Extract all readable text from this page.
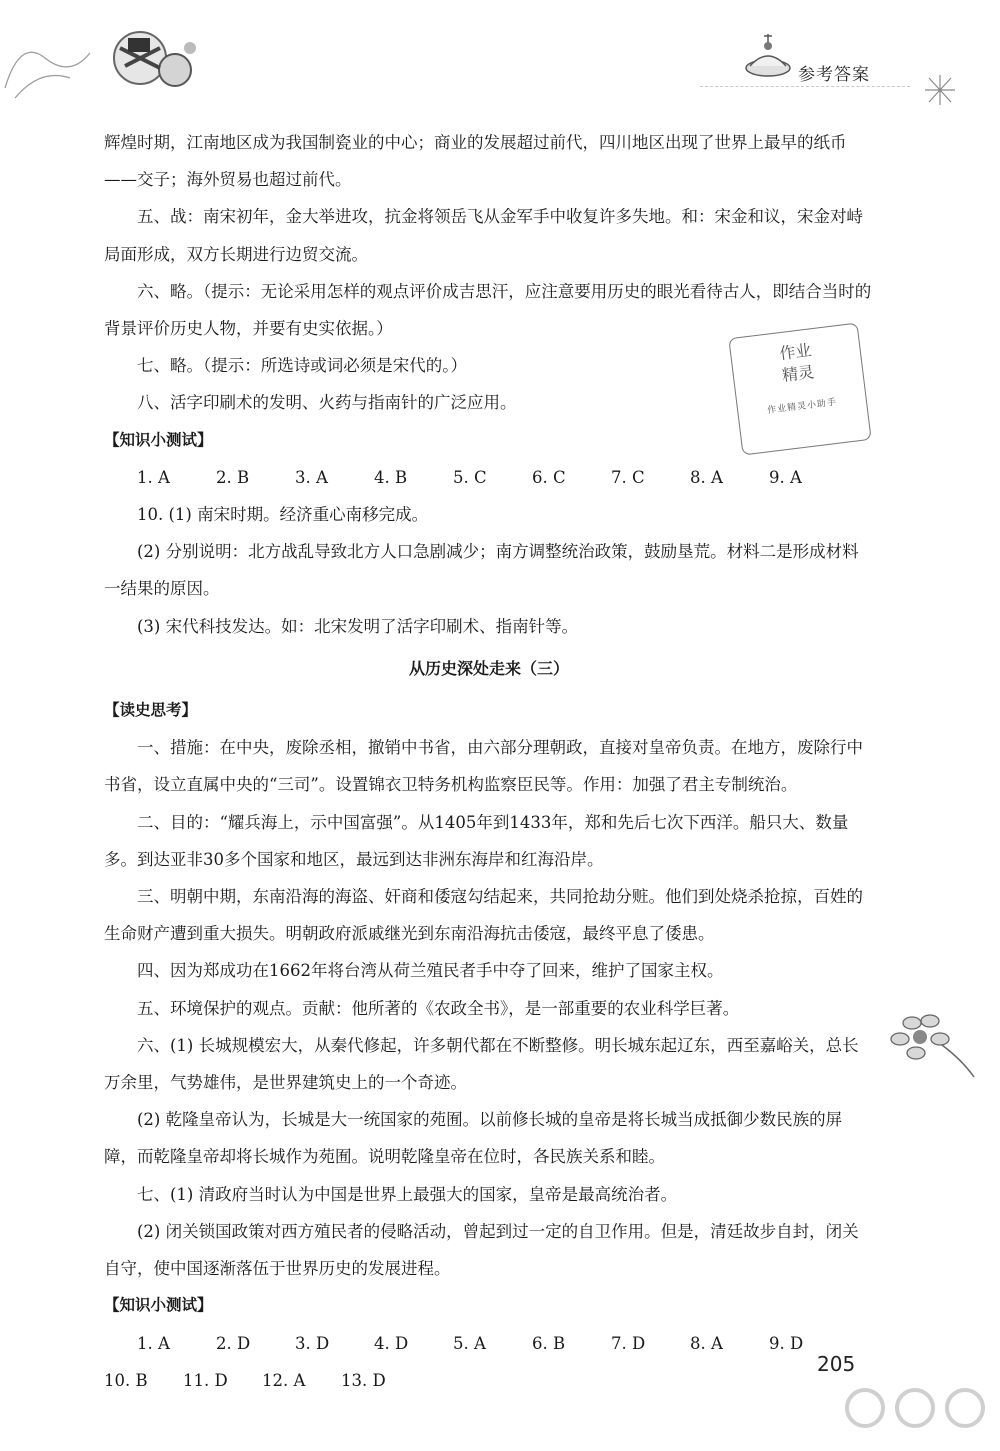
参考答案
作业
精灵
作业精灵小助手

辉煌时期，江南地区成为我国制瓷业的中心；商业的发展超过前代，四川地区出现了世界上最早的纸币——交子；海外贸易也超过前代。

五、战：南宋初年，金大举进攻，抗金将领岳飞从金军手中收复许多失地。和：宋金和议，宋金对峙局面形成，双方长期进行边贸交流。

六、略。（提示：无论采用怎样的观点评价成吉思汗，应注意要用历史的眼光看待古人，即结合当时的背景评价历史人物，并要有史实依据。）

七、略。（提示：所选诗或词必须是宋代的。）

八、活字印刷术的发明、火药与指南针的广泛应用。

【知识小测试】

1. A	2. B	3. A	4. B	5. C	6. C	7. C	8. A	9. A

10. (1) 南宋时期。经济重心南移完成。

(2) 分别说明：北方战乱导致北方人口急剧减少；南方调整统治政策，鼓励垦荒。材料二是形成材料一结果的原因。

(3) 宋代科技发达。如：北宋发明了活字印刷术、指南针等。

从历史深处走来（三）

【读史思考】

一、措施：在中央，废除丞相，撤销中书省，由六部分理朝政，直接对皇帝负责。在地方，废除行中书省，设立直属中央的“三司”。设置锦衣卫特务机构监察臣民等。作用：加强了君主专制统治。

二、目的：“耀兵海上，示中国富强”。从1405年到1433年，郑和先后七次下西洋。船只大、数量多。到达亚非30多个国家和地区，最远到达非洲东海岸和红海沿岸。

三、明朝中期，东南沿海的海盗、奸商和倭寇勾结起来，共同抢劫分赃。他们到处烧杀抢掠，百姓的生命财产遭到重大损失。明朝政府派戚继光到东南沿海抗击倭寇，最终平息了倭患。

四、因为郑成功在1662年将台湾从荷兰殖民者手中夺了回来，维护了国家主权。

五、环境保护的观点。贡献：他所著的《农政全书》，是一部重要的农业科学巨著。

六、(1) 长城规模宏大，从秦代修起，许多朝代都在不断整修。明长城东起辽东，西至嘉峪关，总长万余里，气势雄伟，是世界建筑史上的一个奇迹。

(2) 乾隆皇帝认为，长城是大一统国家的苑囿。以前修长城的皇帝是将长城当成抵御少数民族的屏障，而乾隆皇帝却将长城作为苑囿。说明乾隆皇帝在位时，各民族关系和睦。

七、(1) 清政府当时认为中国是世界上最强大的国家，皇帝是最高统治者。

(2) 闭关锁国政策对西方殖民者的侵略活动，曾起到过一定的自卫作用。但是，清廷故步自封，闭关自守，使中国逐渐落伍于世界历史的发展进程。

【知识小测试】

1. A	2. D	3. D	4. D	5. A	6. B	7. D	8. A	9. D
10. B	11. D	12. A	13. D
205
